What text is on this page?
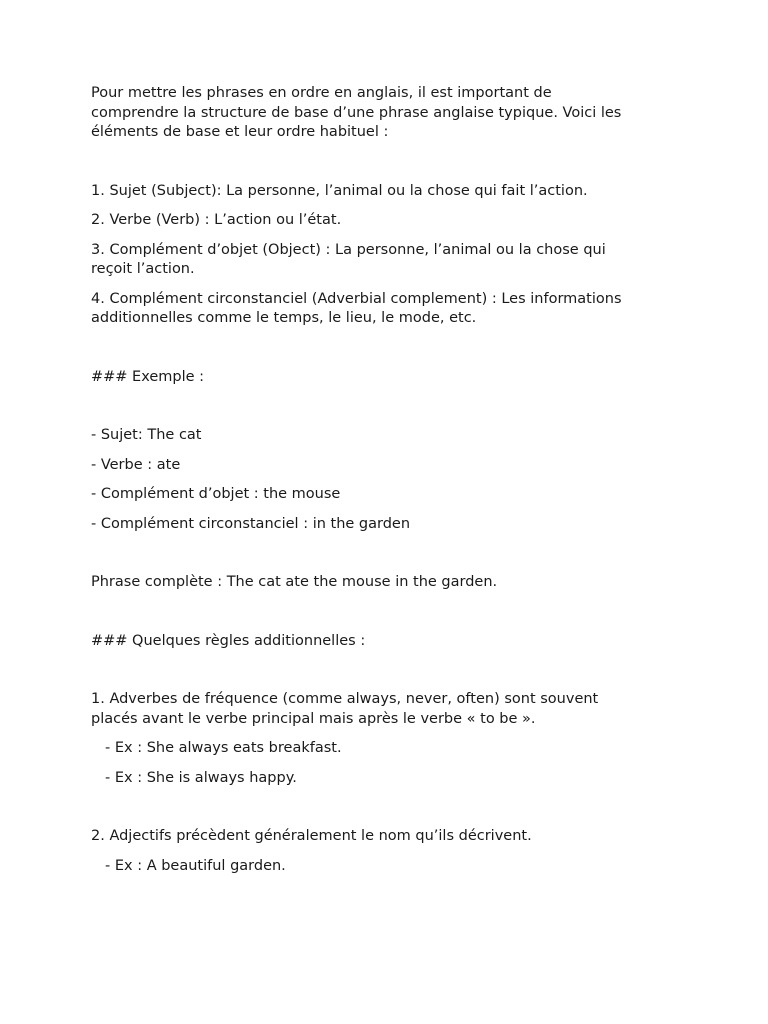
Pour mettre les phrases en ordre en anglais, il est important de
comprendre la structure de base d’une phrase anglaise typique. Voici les
éléments de base et leur ordre habituel :
1. Sujet (Subject): La personne, l’animal ou la chose qui fait l’action.
2. Verbe (Verb) : L’action ou l’état.
3. Complément d’objet (Object) : La personne, l’animal ou la chose qui
reçoit l’action.
4. Complément circonstanciel (Adverbial complement) : Les informations
additionnelles comme le temps, le lieu, le mode, etc.
### Exemple :
- Sujet: The cat
- Verbe : ate
- Complément d’objet : the mouse
- Complément circonstanciel : in the garden
Phrase complète : The cat ate the mouse in the garden.
### Quelques règles additionnelles :
1. Adverbes de fréquence (comme always, never, often) sont souvent
placés avant le verbe principal mais après le verbe « to be ».
- Ex : She always eats breakfast.
- Ex : She is always happy.
2. Adjectifs précèdent généralement le nom qu’ils décrivent.
- Ex : A beautiful garden.
